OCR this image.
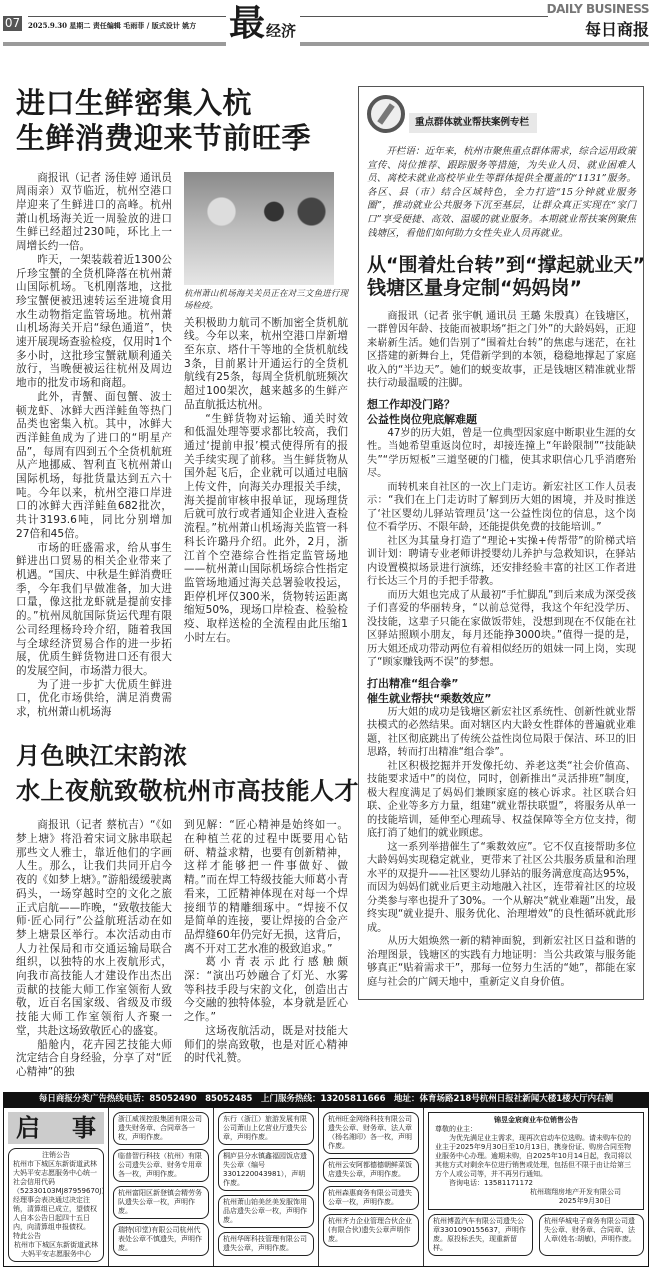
07 2025.9.30 星期二 责任编辑 毛雨菲 / 版式设计 姚方 最 经济
DAILY BUSINESS
每日商报
进口生鲜密集入杭
生鲜消费迎来节前旺季

商报讯（记者 汤佳婷 通讯员 周雨亲）双节临近，杭州空港口岸迎来了生鲜进口的高峰。杭州萧山机场海关近一周验放的进口生鲜已经超过230吨，环比上一周增长约一倍。

昨天，一架装载着近1300公斤珍宝蟹的全货机降落在杭州萧山国际机场。飞机刚落地，这批珍宝蟹便被迅速转运至进境食用水生动物指定监管场地。杭州萧山机场海关开启“绿色通道”，快速开展现场查验检疫，仅用时1个多小时，这批珍宝蟹就顺利通关放行，当晚便被运往杭州及周边地市的批发市场和商超。

此外，青蟹、面包蟹、波士顿龙虾、冰鲜大西洋鲑鱼等热门品类也密集入杭。其中，冰鲜大西洋鲑鱼成为了进口的“明星产品”，每周有四到五个全货机航班从产地挪威、智利直飞杭州萧山国际机场，每批货量达到五六十吨。今年以来，杭州空港口岸进口的冰鲜大西洋鲑鱼682批次，共计3193.6吨，同比分别增加27倍和45倍。

市场的旺盛需求，给从事生鲜进出口贸易的相关企业带来了机遇。“国庆、中秋是生鲜消费旺季，今年我们早做准备，加大进口量，像这批龙虾就是提前安排的。”杭州凤航国际货运代理有限公司经理杨玲玲介绍，随着我国与全球经济贸易合作的进一步拓展，优质生鲜货物进口还有很大的发展空间，市场潜力很大。

为了进一步扩大优质生鲜进口，优化市场供给，满足消费需求，杭州萧山机场海

杭州萧山机场海关关员正在对三文鱼进行现场检疫。

关积极助力航司不断加密全货机航线。今年以来，杭州空港口岸新增至东京、塔什干等地的全货机航线3条，目前累计开通运行的全货机航线有25条，每周全货机航班频次超过100架次，越来越多的生鲜产品直航抵达杭州。

“生鲜货物对运输、通关时效和低温处理等要求都比较高，我们通过‘提前申报’模式使得所有的报关手续实现了前移。当生鲜货物从国外起飞后，企业就可以通过电脑上传文件，向海关办理报关手续，海关提前审核申报单证，现场理货后就可放行或者通知企业进入查检流程。”杭州萧山机场海关监管一科科长许璐丹介绍。此外，2月，浙江首个空港综合性指定监管场地——杭州萧山国际机场综合性指定监管场地通过海关总署验收投运，距停机坪仅300米，货物转运距离缩短50%，现场口岸检查、检验检疫、取样送检的全流程由此压缩1小时左右。

月色映江宋韵浓
水上夜航致敬杭州市高技能人才

商报讯（记者 蔡杭吉）“《如梦上塘》将沿着宋词文脉串联起那些文人雅士，靠近他们的字画人生。那么，让我们共同开启今夜的《如梦上塘》。”游船缓缓驶离码头，一场穿越时空的文化之旅正式启航——昨晚，“致敬技能大师·匠心同行”公益航班活动在如梦上塘景区举行。本次活动由市人力社保局和市交通运输局联合组织，以独特的水上夜航形式，向我市高技能人才建设作出杰出贡献的技能大师工作室领衔人致敬，近百名国家级、省级及市级技能大师工作室领衔人齐聚一堂，共赴这场致敬匠心的盛宴。

船舱内，花卉园艺技能大师沈定结合自身经验，分享了对“匠心精神”的独

到见解：“匠心精神是始终如一。在种植兰花的过程中既要用心钻研、精益求精，也要有创新精神，这样才能够把一件事做好、做精。”而在焊工特级技能大师葛小青看来，工匠精神体现在对每一个焊接细节的精雕细琢中。“焊接不仅是简单的连接，要让焊接的合金产品焊缝60年仍完好无损，这背后，离不开对工艺水准的极致追求。”

葛小青表示此行感触颇深：“演出巧妙融合了灯光、水雾等科技手段与宋韵文化，创造出古今交融的独特体验，本身就是匠心之作。”

这场夜航活动，既是对技能大师们的崇高致敬，也是对匠心精神的时代礼赞。

重点群体就业帮扶案例专栏

开栏语：近年来，杭州市聚焦重点群体需求，综合运用政策宣传、岗位推荐、跟踪服务等措施，为失业人员、就业困难人员、离校未就业高校毕业生等群体提供全覆盖的“1131”服务。各区、县（市）结合区域特色，全力打造“15分钟就业服务圈”，推动就业公共服务下沉至基层，让群众真正实现在“家门口”享受便捷、高效、温暖的就业服务。本期就业帮扶案例聚焦钱塘区，看他们如何助力女性失业人员再就业。

从“围着灶台转”到“撑起就业天”
钱塘区量身定制“妈妈岗”

商报讯（记者 张宇帆 通讯员 王璐 朱殷真）在钱塘区，一群曾因年龄、技能而被职场“拒之门外”的大龄妈妈，正迎来崭新生活。她们告别了“围着灶台转”的焦虑与迷茫，在社区搭建的新舞台上，凭借新学到的本领，稳稳地撑起了家庭收入的“半边天”。她们的蜕变故事，正是钱塘区精准就业帮扶行动最温暖的注脚。

想工作却没门路？
公益性岗位兜底解难题

47岁的历大姐，曾是一位典型因家庭中断职业生涯的女性。当她希望重返岗位时，却接连撞上“年龄限制”“技能缺失”“学历短板”三道坚硬的门槛，使其求职信心几乎消磨殆尽。

而转机来自社区的一次上门走访。新宏社区工作人员表示：“我们在上门走访时了解到历大姐的困境，并及时推送了‘社区婴幼儿驿站管理员’这一公益性岗位的信息，这个岗位不看学历、不限年龄，还能提供免费的技能培训。”

社区为其量身打造了“理论+实操+传帮带”的阶梯式培训计划：聘请专业老师讲授婴幼儿养护与急救知识，在驿站内设置模拟场景进行演练，还安排经验丰富的社区工作者进行长达三个月的手把手带教。

而历大姐也完成了从最初“手忙脚乱”到后来成为深受孩子们喜爱的华丽转身，“以前总觉得，我这个年纪没学历、没技能，这辈子只能在家做饭带娃，没想到现在不仅能在社区驿站照顾小朋友，每月还能挣3000块。”值得一提的是，历大姐还成功带动两位有着相似经历的姐妹一同上岗，实现了“顾家赚钱两不误”的梦想。

打出精准“组合拳”
催生就业帮扶“乘数效应”

历大姐的成功是钱塘区新宏社区系统性、创新性就业帮扶模式的必然结果。面对辖区内大龄女性群体的普遍就业难题，社区彻底跳出了传统公益性岗位局限于保洁、环卫的旧思路，转而打出精准“组合拳”。

社区积极挖掘并开发像托幼、养老这类“社会价值高、技能要求适中”的岗位，同时，创新推出“灵活排班”制度，极大程度满足了妈妈们兼顾家庭的核心诉求。社区联合妇联、企业等多方力量，组建“就业帮扶联盟”，将服务从单一的技能培训，延伸至心理疏导、权益保障等全方位支持，彻底打消了她们的就业顾虑。

这一系列举措催生了“乘数效应”。它不仅直接帮助多位大龄妈妈实现稳定就业，更带来了社区公共服务质量和治理水平的双提升——社区婴幼儿驿站的服务满意度高达95%，而因为妈妈们就业后更主动地融入社区，连带着社区的垃圾分类参与率也提升了30%。一个从解决“就业难题”出发，最终实现“就业提升、服务优化、治理增效”的良性循环就此形成。

从历大姐焕然一新的精神面貌，到新宏社区日益和谐的治理图景，钱塘区的实践有力地证明：当公共政策与服务能够真正“贴着需求干”，那每一位努力生活的“她”，都能在家庭与社会的广阔天地中，重新定义自身价值。

每日商报分类广告热线电话：85052490　85052485　上门服务热线：13205811666　地址：体育场路218号杭州日报社新闻大楼1楼大厅内右侧
启 事
注销公告
杭州市下城区东新街道武林大妈平安志愿服务中心统一社会信用代码（52330103MJ87959670J）经理事会表决通过决定注销，清算组已成立，望债权人自本公告日起四十五日内，向清算组申报债权。
特此公告
杭州市下城区东新街道武林大妈平安志愿服务中心
浙江威视控股集团有限公司遗失财务章、合同章各一枚，声明作废。
临普智行科技（杭州）有限公司遗失公章、财务专用章各一枚，声明作废。
杭州富阳区新登镇会精劳务队遗失公章一枚，声明作废。
瑞特(印堂)有限公司杭州代表处公章不慎遗失，声明作废。
东行（浙江）旅游发展有限公司萧山上亿营业厅遗失公章，声明作废。
桐庐县分水镇鑫福园饭店遗失公章（编号3301220043981），声明作废。
杭州萧山铂美丝美发服饰用品店遗失公章一枚，声明作废。
杭州华晖科技管理有限公司遗失公章，声明作废。
杭州旺金网络科技有限公司遗失公章、财务章、法人章（杨名湘印）各一枚，声明作废。
杭州云安阿都德德朝鲜菜饭店遗失公章，声明作废。
杭州森惠商务有限公司遗失公章一枚，声明作废。
杭州齐力企业管理合伙企业(有限合伙)遗失公章声明作废。
锦昱金宸商业车位销售公告
尊敬的业主：
为优先满足业主需求，现再次启动车位选购。请未购车位的业主于2025年9月30日至10月13日，携身份证、购房合同至物业服务中心办理。逾期未购，自2025年10月14日起，我司将以其他方式对剩余车位进行销售或处理，包括但不限于由让给第三方个人或公司等，并不再另行通知。
咨询电话：13581171172
杭州瑞翔房地产开发有限公司
2025年9月30日
杭州博盈汽车有限公司遗失公章3301090155637，声明作废。原投标丢失，现重新留样。
杭州华城电子商务有限公司遗失公章、财务章、合同章、法人章(姓名:胡敏)，声明作废。
